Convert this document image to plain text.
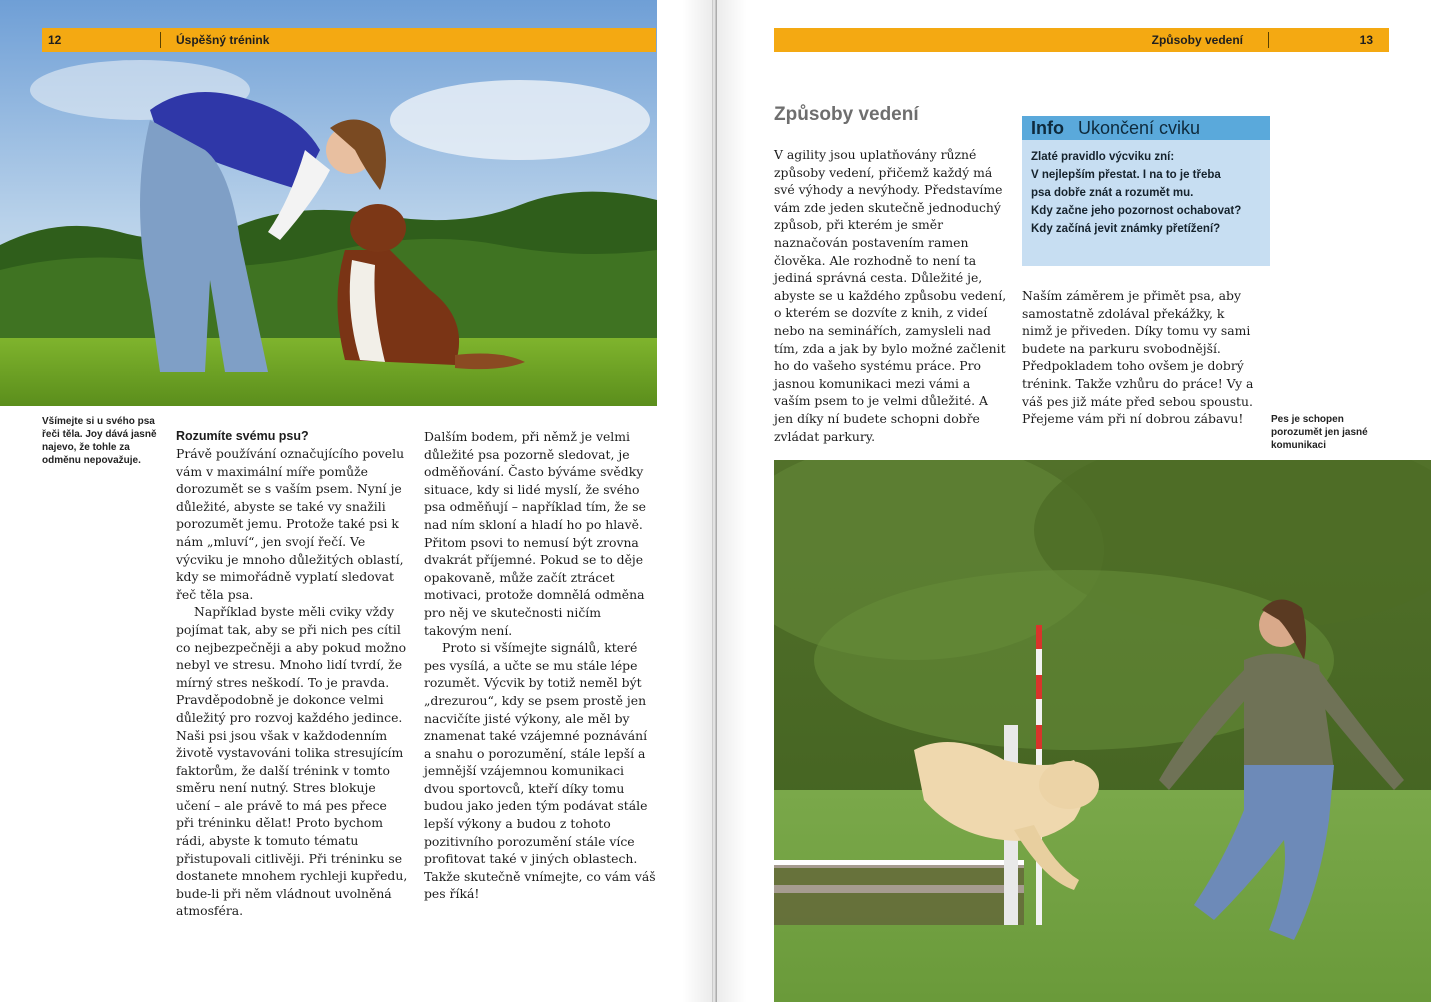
12	Úspěšný trénink
Všímejte si u svého psa řeči těla. Joy dává jasně najevo, že tohle za odměnu nepovažuje.
Rozumíte svému psu?

Právě používání označujícího povelu vám v maximální míře pomůže dorozumět se s vaším psem. Nyní je důležité, abyste se také vy snažili porozumět jemu. Protože také psi k nám „mluví“, jen svojí řečí. Ve výcviku je mnoho důležitých oblastí, kdy se mimořádně vyplatí sledovat řeč těla psa.

Například byste měli cviky vždy pojímat tak, aby se při nich pes cítil co nejbezpečněji a aby pokud možno nebyl ve stresu. Mnoho lidí tvrdí, že mírný stres neškodí. To je pravda. Pravděpodobně je dokonce velmi důležitý pro rozvoj každého jedince. Naši psi jsou však v každodenním životě vystavováni tolika stresujícím faktorům, že další trénink v tomto směru není nutný. Stres blokuje učení – ale právě to má pes přece při tréninku dělat! Proto bychom rádi, abyste k tomuto tématu přistupovali citlivěji. Při tréninku se dostanete mnohem rychleji kupředu, bude-li při něm vládnout uvolněná atmosféra.

Dalším bodem, při němž je velmi důležité psa pozorně sledovat, je odměňování. Často býváme svědky situace, kdy si lidé myslí, že svého psa odměňují – například tím, že se nad ním skloní a hladí ho po hlavě. Přitom psovi to nemusí být zrovna dvakrát příjemné. Pokud se to děje opakovaně, může začít ztrácet motivaci, protože domnělá odměna pro něj ve skutečnosti ničím takovým není.

Proto si všímejte signálů, které pes vysílá, a učte se mu stále lépe rozumět. Výcvik by totiž neměl být „drezurou“, kdy se psem prostě jen nacvičíte jisté výkony, ale měl by znamenat také vzájemné poznávání a snahu o porozumění, stále lepší a jemnější vzájemnou komunikaci dvou sportovců, kteří díky tomu budou jako jeden tým podávat stále lepší výkony a budou z tohoto pozitivního porozumění stále více profitovat také v jiných oblastech. Takže skutečně vnímejte, co vám váš pes říká!

Způsoby vedení	13
Způsoby vedení

V agility jsou uplatňovány různé způsoby vedení, přičemž každý má své výhody a nevýhody. Představíme vám zde jeden skutečně jednoduchý způsob, při kterém je směr naznačován postavením ramen člověka. Ale rozhodně to není ta jediná správná cesta. Důležité je, abyste se u každého způsobu vedení, o kterém se dozvíte z knih, z videí nebo na seminářích, zamysleli nad tím, zda a jak by bylo možné začlenit ho do vašeho systému práce. Pro jasnou komunikaci mezi vámi a vaším psem to je velmi důležité. A jen díky ní budete schopni dobře zvládat parkury.

Info Ukončení cviku
Zlaté pravidlo výcviku zní:
V nejlepším přestat. I na to je třeba
psa dobře znát a rozumět mu.
Kdy začne jeho pozornost ochabovat?
Kdy začíná jevit známky přetížení?

Naším záměrem je přimět psa, aby samostatně zdolával překážky, k nimž je přiveden. Díky tomu vy sami budete na parkuru svobodnější. Předpokladem toho ovšem je dobrý trénink. Takže vzhůru do práce! Vy a váš pes již máte před sebou spoustu. Přejeme vám při ní dobrou zábavu!	Pes je schopen porozumět jen jasné komunikaci
